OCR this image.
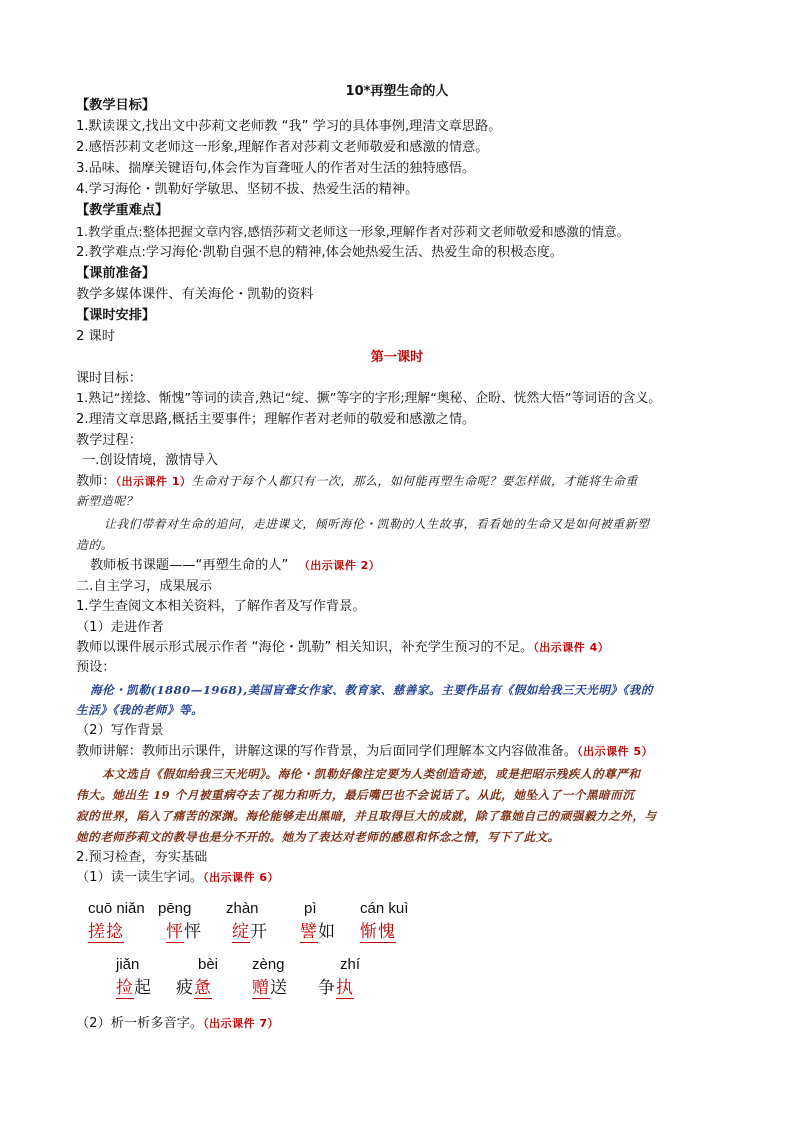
10*再塑生命的人
【教学目标】
1.默读课文,找出文中莎莉文老师教 “我” 学习的具体事例,理清文章思路。
2.感悟莎莉文老师这一形象,理解作者对莎莉文老师敬爱和感激的情意。
3.品味、揣摩关键语句,体会作为盲聋哑人的作者对生活的独特感悟。
4.学习海伦・凯勒好学敏思、坚韧不拔、热爱生活的精神。
【教学重难点】
1.教学重点:整体把握文章内容,感悟莎莉文老师这一形象,理解作者对莎莉文老师敬爱和感激的情意。
2.教学难点:学习海伦·凯勒自强不息的精神,体会她热爱生活、热爱生命的积极态度。
【课前准备】
教学多媒体课件、有关海伦・凯勒的资料
【课时安排】
2 课时
第一课时
课时目标：
1.熟记“搓捻、惭愧”等词的读音,熟记“绽、撅”等字的字形;理解“奥秘、企盼、恍然大悟”等词语的含义。
2.理清文章思路,概括主要事件；理解作者对老师的敬爱和感激之情。
教学过程：
一.创设情境，激情导入
教师：（出示课件 1）生命对于每个人都只有一次，那么，如何能再塑生命呢？要怎样做，才能将生命重
新塑造呢？
让我们带着对生命的追问，走进课文，倾听海伦・凯勒的人生故事，看看她的生命又是如何被重新塑
造的。
教师板书课题——“再塑生命的人” （出示课件 2）
二.自主学习，成果展示
1.学生查阅文本相关资料，了解作者及写作背景。
（1）走进作者
教师以课件展示形式展示作者 “海伦・凯勒” 相关知识，补充学生预习的不足。（出示课件 4）
预设：
海伦・凯勒(1880—1968),美国盲聋女作家、教育家、慈善家。主要作品有《假如给我三天光明》《我的
生活》《我的老师》等。
（2）写作背景
教师讲解：教师出示课件，讲解这课的写作背景，为后面同学们理解本文内容做准备。（出示课件 5）
本文选自《假如给我三天光明》。海伦・凯勒好像注定要为人类创造奇迹，或是把昭示残疾人的尊严和
伟大。她出生 19 个月被重病夺去了视力和听力，最后嘴巴也不会说话了。从此，她坠入了一个黑暗而沉
寂的世界，陷入了痛苦的深渊。海伦能够走出黑暗，并且取得巨大的成就，除了靠她自己的顽强毅力之外，与
她的老师莎莉文的教导也是分不开的。她为了表达对老师的感恩和怀念之情，写下了此文。
2.预习检查，夯实基础
（1）读一读生字词。（出示课件 6）
cuō niǎn
搓捻
pēng
怦怦
zhàn
绽开
pì
譬如
cán kuì
惭愧
jiǎn
捡起
bèi
疲惫
zèng
赠送
zhí
争执
（2）析一析多音字。（出示课件 7）
